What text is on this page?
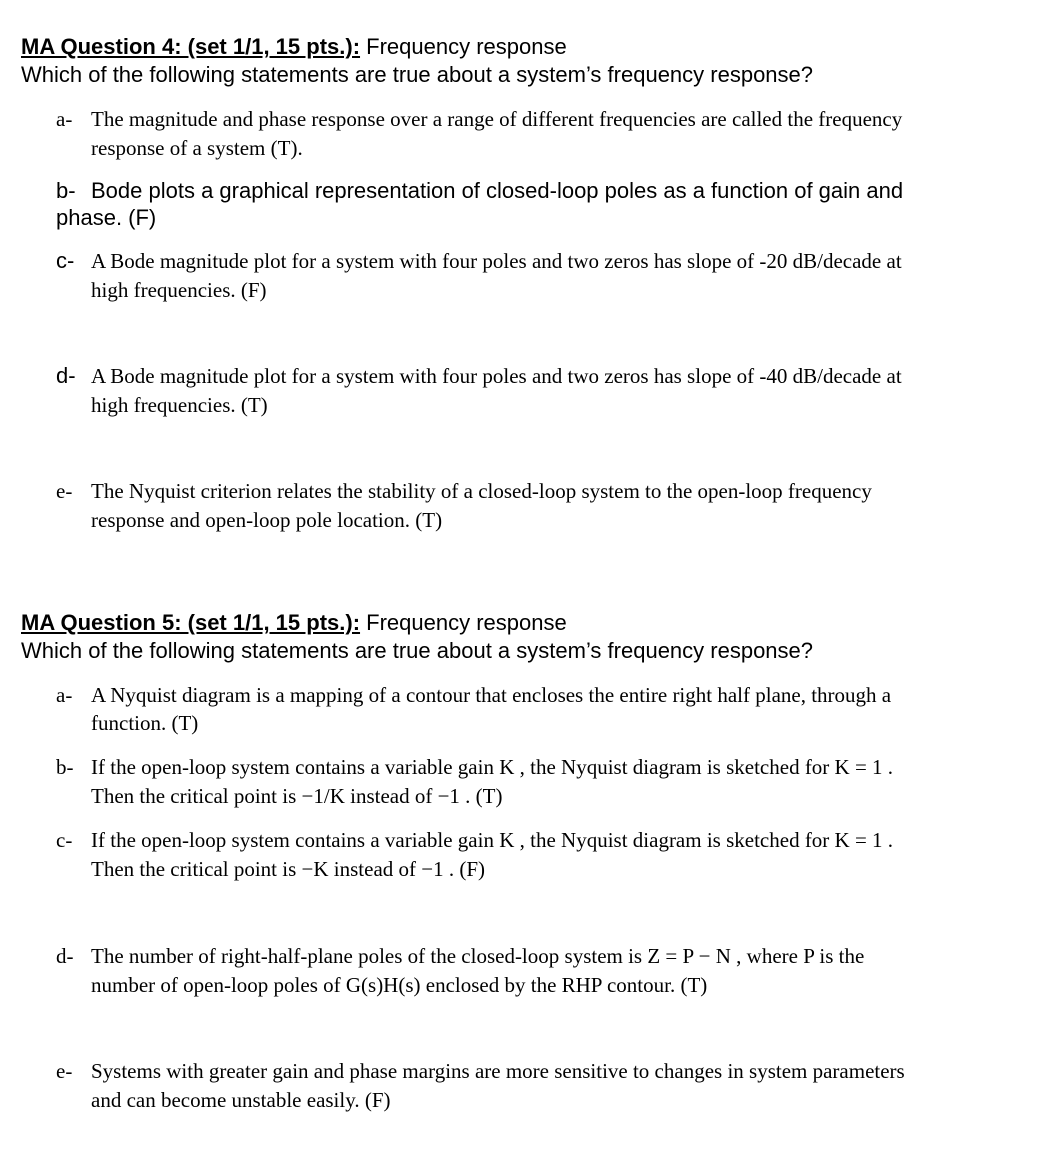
MA Question 4: (set 1/1, 15 pts.): Frequency response
Which of the following statements are true about a system’s frequency response?
a- The magnitude and phase response over a range of different frequencies are called the frequency
response of a system (T).
b- Bode plots a graphical representation of closed-loop poles as a function of gain and
phase. (F)
c- A Bode magnitude plot for a system with four poles and two zeros has slope of -20 dB/decade at
high frequencies. (F)
d- A Bode magnitude plot for a system with four poles and two zeros has slope of -40 dB/decade at
high frequencies. (T)
e- The Nyquist criterion relates the stability of a closed-loop system to the open-loop frequency
response and open-loop pole location. (T)
MA Question 5: (set 1/1, 15 pts.): Frequency response
Which of the following statements are true about a system’s frequency response?
a- A Nyquist diagram is a mapping of a contour that encloses the entire right half plane, through a
function. (T)
b- If the open-loop system contains a variable gain K , the Nyquist diagram is sketched for K = 1 .
Then the critical point is −1/K instead of −1 . (T)
c- If the open-loop system contains a variable gain K , the Nyquist diagram is sketched for K = 1 .
Then the critical point is −K instead of −1 . (F)
d- The number of right-half-plane poles of the closed-loop system is Z = P − N , where P is the
number of open-loop poles of G(s)H(s) enclosed by the RHP contour. (T)
e- Systems with greater gain and phase margins are more sensitive to changes in system parameters
and can become unstable easily. (F)
